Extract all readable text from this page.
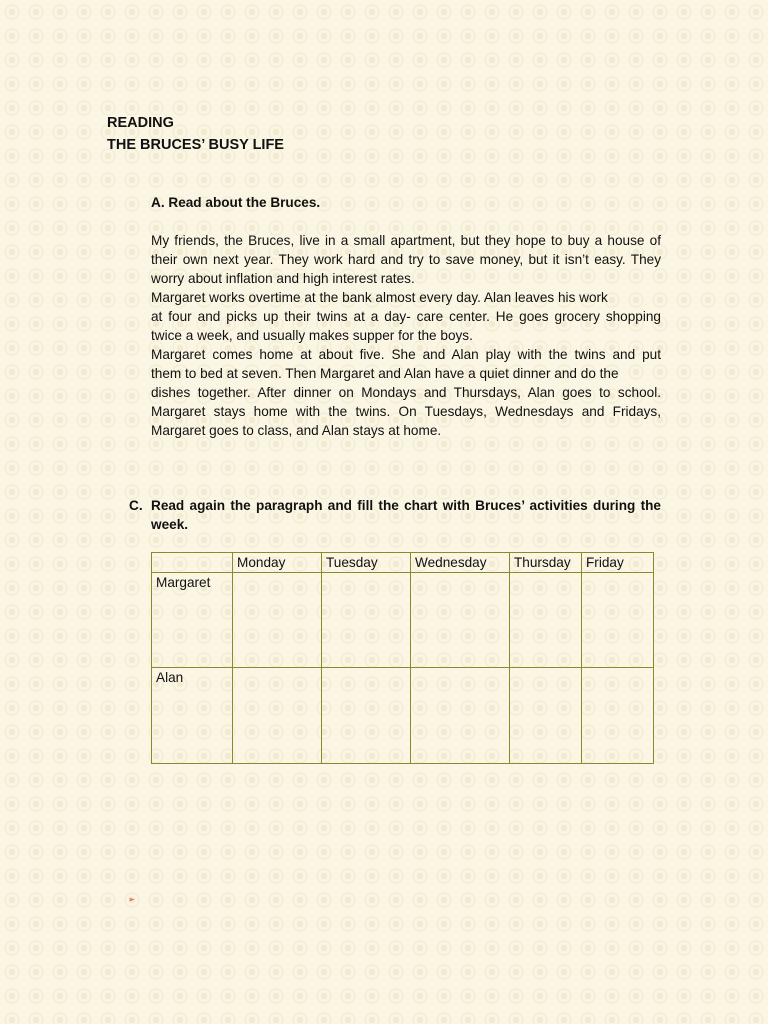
READING
THE BRUCES’ BUSY LIFE
A. Read about the Bruces.
My friends, the Bruces, live in a small apartment, but they hope to buy a house of
their own next year. They work hard and try to save money, but it isn’t easy. They
worry about inflation and high interest rates.
Margaret works overtime at the bank almost every day. Alan leaves his work
at four and picks up their twins at a day- care center. He goes grocery shopping
twice a week, and usually makes supper for the boys.
Margaret comes home at about five. She and Alan play with the twins and put
them to bed at seven. Then Margaret and Alan have a quiet dinner and do the
dishes together. After dinner on Mondays and Thursdays, Alan goes to school.
Margaret stays home with the twins. On Tuesdays, Wednesdays and Fridays,
Margaret goes to class, and Alan stays at home.
C. Read again the paragraph and fill the chart with Bruces’ activities during the week.
	Monday	Tuesday	Wednesday	Thursday	Friday
Margaret					
Alan					
➢
